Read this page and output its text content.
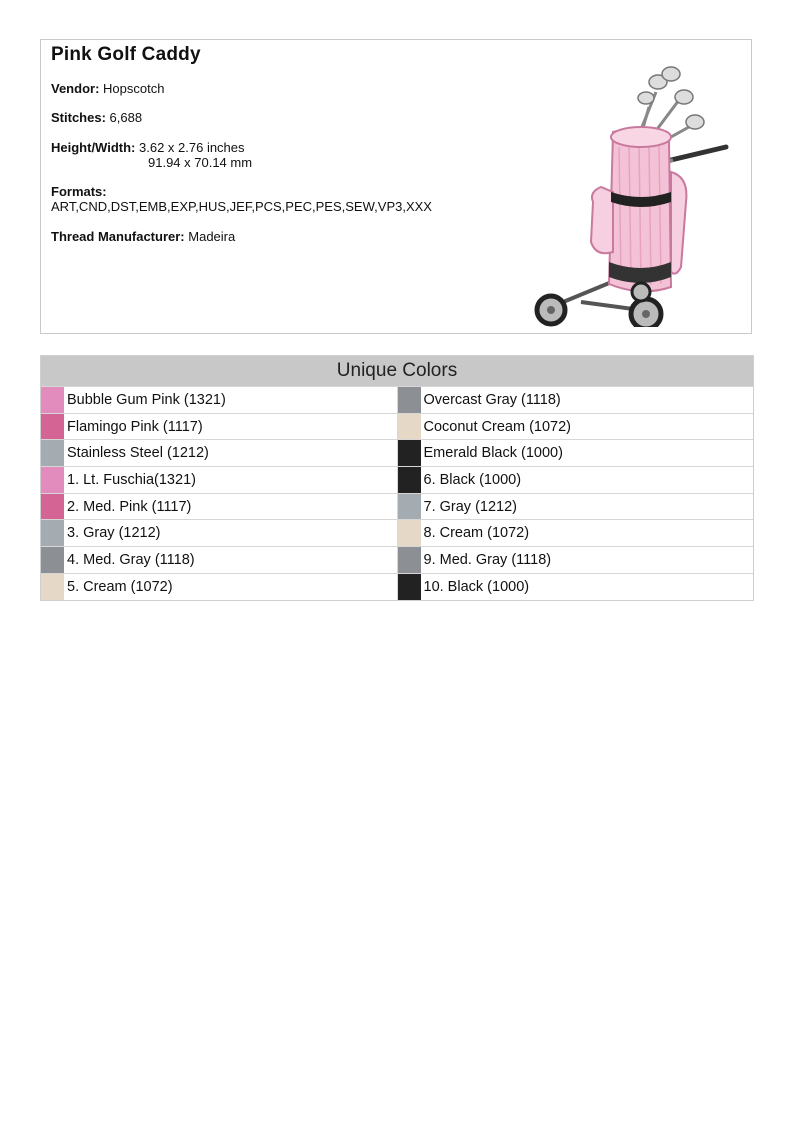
Pink Golf Caddy
Vendor: Hopscotch
Stitches: 6,688
Height/Width: 3.62 x 2.76 inches
91.94 x 70.14 mm
Formats:
ART,CND,DST,EMB,EXP,HUS,JEF,PCS,PEC,PES,SEW,VP3,XXX
Thread Manufacturer: Madeira
Unique Colors
Bubble Gum Pink (1321)
Flamingo Pink (1117)
Stainless Steel (1212)
1. Lt. Fuschia(1321)
2. Med. Pink (1117)
3. Gray (1212)
4. Med. Gray (1118)
5. Cream (1072)
Overcast Gray (1118)
Coconut Cream (1072)
Emerald Black (1000)
6. Black (1000)
7. Gray (1212)
8. Cream (1072)
9. Med. Gray (1118)
10. Black (1000)
